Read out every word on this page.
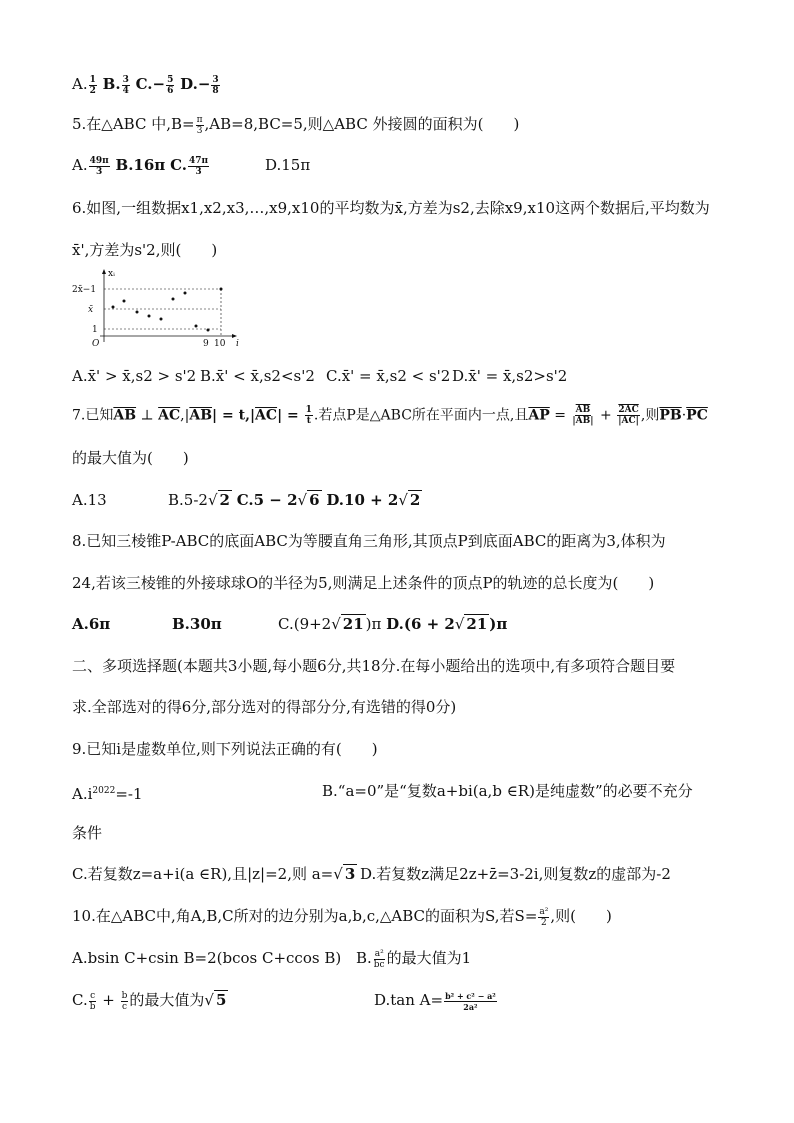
A. $\frac{1}{2} B$. $\frac{3}{4} C.- \frac{5}{6} D.- \frac{3}{8}$
5.在△ABC 中$,B= \frac{\pi}{3} ,AB=8,BC=5$,则△ABC 外接圆的面积为(　　)
A. $\frac{49\pi}{3} B.16\pi$ C. $\frac{47\pi}{3}$	D.15π
6.如图,一组数据x1,x2,x3,…,x9,x10的平均数为x̄,方差为s2,去除x9,x10这两个数据后,平均数为
x̄',方差为s'2,则(　　)
xᵢ
i
O
2x̄−1
x̄
1
9 10
A.x̄' > x̄,s2 > s'2 B.x̄' < x̄,s2<s'2 C.x̄' = x̄,s2 < s'2 D.x̄' = x̄,s2>s'2
7.已知$\overline{AB}$ ⊥ $\overline{AC},|\overline{AB}| = t,|\overline{AC}| = \frac{1}{t}$ .若点P是△ABC所在平面内一点,且$\overline{AP} = \frac{\overline{AB}}{|AB|} + \frac{2AC}{|AC|}$ ,则$\overline{PB}\cdot\overline{PC}$
的最大值为(　　)
A.13	B.5-2√ 2 C.5 − 2√ 6 D.10 + 2√ 2
8.已知三棱锥P-ABC的底面ABC为等腰直角三角形,其顶点P到底面ABC的距离为3,体积为
24,若该三棱锥的外接球球O的半径为5,则满足上述条件的顶点P的轨迹的总长度为(　　)
A.6π	B.30π	C.(9+2√ 21 )π D.(6 + 2√ 21 )π
二、多项选择题(本题共3小题,每小题6分,共18分.在每小题给出的选项中,有多项符合题目要
求.全部选对的得6分,部分选对的得部分分,有选错的得0分)
9.已知i是虚数单位,则下列说法正确的有(　　)
$A.i^{2022}=-1$	B.“a=0”是“复数a+bi(a,b ∈R)是纯虚数”的必要不充分
条件
C.若复数z=a+i(a ∈R),且|z|=2,则 a=√ 3 D.若复数z满足2z+z̄=3-2i,则复数z的虚部为-2
10.在△ABC中,角A,B,C所对的边分别为a,b,c,△ABC的面积为S,若$S= \frac{\text{a²}}{2}$ ,则(　　)
A.bsin C+csin B=2(bcos C+ccos B) B. $\frac{\text{a²}}{bc}$ 的最大值为1
C. $\frac{c}{b} + \frac{b}{c}$ 的最大值为√ 5	D.tan $A= \frac{\text{b² + c² − a²}}{\text{2a²}}$
